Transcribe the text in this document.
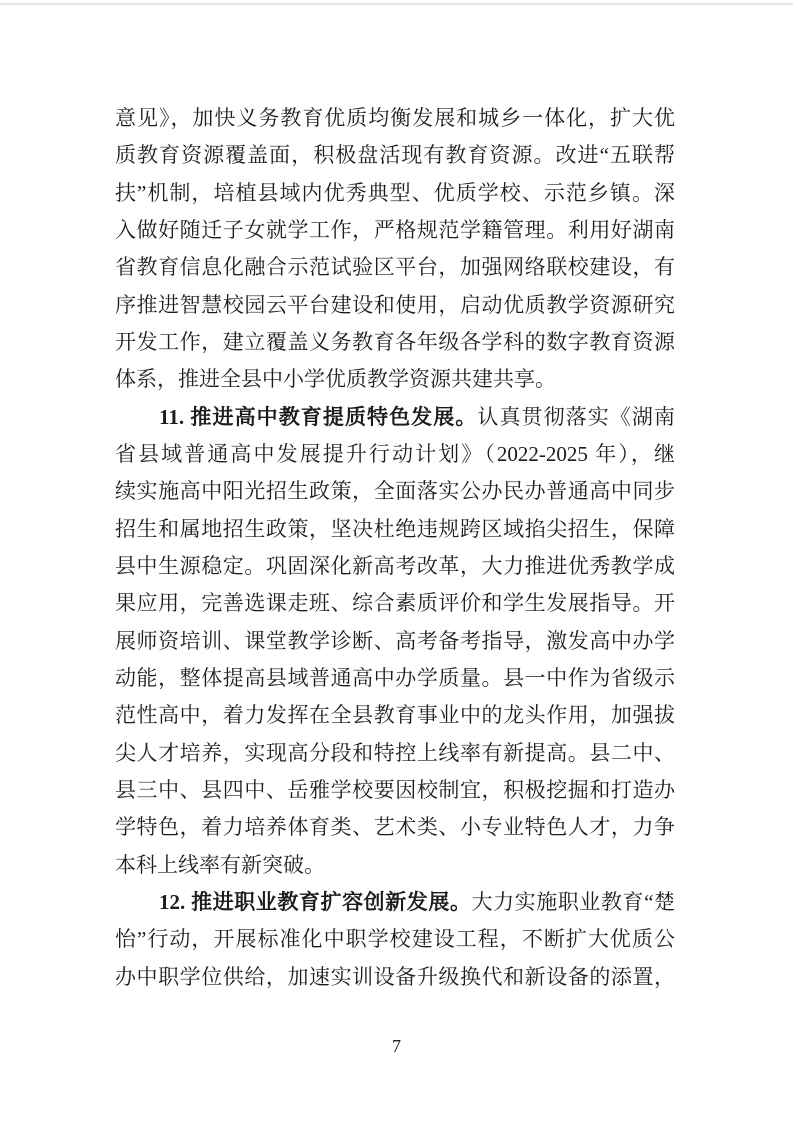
意见》，加快义务教育优质均衡发展和城乡一体化，扩大优
质教育资源覆盖面，积极盘活现有教育资源。改进“五联帮
扶”机制，培植县域内优秀典型、优质学校、示范乡镇。深
入做好随迁子女就学工作，严格规范学籍管理。利用好湖南
省教育信息化融合示范试验区平台，加强网络联校建设，有
序推进智慧校园云平台建设和使用，启动优质教学资源研究
开发工作，建立覆盖义务教育各年级各学科的数字教育资源
体系，推进全县中小学优质教学资源共建共享。
11. 推进高中教育提质特色发展。认真贯彻落实《湖南
省县域普通高中发展提升行动计划》（2022-2025 年），继
续实施高中阳光招生政策，全面落实公办民办普通高中同步
招生和属地招生政策，坚决杜绝违规跨区域掐尖招生，保障
县中生源稳定。巩固深化新高考改革，大力推进优秀教学成
果应用，完善选课走班、综合素质评价和学生发展指导。开
展师资培训、课堂教学诊断、高考备考指导，激发高中办学
动能，整体提高县域普通高中办学质量。县一中作为省级示
范性高中，着力发挥在全县教育事业中的龙头作用，加强拔
尖人才培养，实现高分段和特控上线率有新提高。县二中、
县三中、县四中、岳雅学校要因校制宜，积极挖掘和打造办
学特色，着力培养体育类、艺术类、小专业特色人才，力争
本科上线率有新突破。
12. 推进职业教育扩容创新发展。大力实施职业教育“楚
怡”行动，开展标准化中职学校建设工程，不断扩大优质公
办中职学位供给，加速实训设备升级换代和新设备的添置，
7
